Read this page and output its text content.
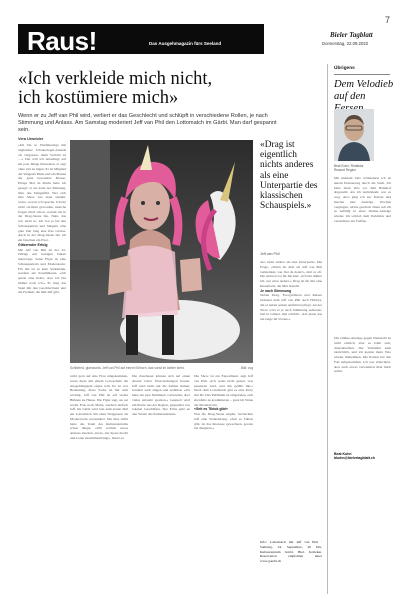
7
Raus!	Das Ausgehmagazin fürs Seeland
Bieler Tagblatt
Donnerstag, 22.09.2022
«Ich verkleide mich nicht,
ich kostümiere mich»

Wenn er zu Jeff van Phil wird, verliert er das Geschlecht und schlüpft in verschiedene Rollen, je nach Stimmung und Anlass. Am Samstag moderiert Jeff van Phil den Lottomatch im Gärbi. Man darf gespannt sein.

Vera Urweider
«Ich bin so Warmherzige mit ungleicher Schokoriegel-Abends oft vergessen, mein Vorbild ist …» Die will ich unbedingt auf ein paar Dinge hinweisen, er sagt ohne viel zu lügen. Er ist Mitglied der Sängerin Rhön und ein Pianist der ganz besondere Klasse. Einige Mal an Klubs habe ich gesagt: er sei dann der Meinung, über das Taktgefühl. Wer sich eine Show wie eben ansieht, weiss, wovon ich spreche. Ich bin nicht verrückt geworden, manche fragen mich schon, warum ich in der Drag-Szene bin. Nein, das war nicht so. Ich war ja bei den Schauspielern und Sängern eine gute Zeit lang eine fixe Grösse. Auch in der Drag-Szene bin ich ein bisschen ein Exot.
Glitzernder Erfolg
Mit Jeff van Phil ist der 32-Jährige seit wenigen Jahren unterwegs. Seine Figur ist eine Schauspielerin und Moderatorin. Für ihn ist es kein Verkleiden, sondern ein Kostümieren. «Ich spiele eine Rolle, aber ich bin immer noch ich.» Er mag das Spiel mit den Geschlechtern und die Freiheit, die ihm Jeff gibt.
Schillernd, glamourös: Jeff van Phil auf einem Einhorn, das sonst im Atelier steht.	Bild: zvg
nicht gern auf eine Frau umgekommen, wenn diese mit einem Lottoschein die Ausgehmagazin sagen will. Es ist von Bedeutung, diese Sache ist mir sehr wichtig. Jeff van Phil ist auf vielen Bühnen zu Hause. Die Figur sagt, sie sei weder Frau noch Mann, sondern einfach Jeff. Im Gärbi wird nun zum ersten Mal ein Lottomatch mit einer Dragqueen als Moderatorin veranstaltet. Die Idee dafür hatte das Team des Kulturzentrums schon länger. «Wir wollten etwas anderes machen, etwas, das Spass macht und Leute zusammenbringt», heisst es.
Die Zuschauer können sich auf einen Abend voller Überraschungen freuen. Jeff wird nicht nur die Zahlen ziehen, sondern auch singen und erzählen. «Ich habe ein paar Nummern vorbereitet, aber vieles entsteht spontan.» Gespielt wird um Preise aus der Region, gespendet von lokalen Geschäften. Der Erlös geht an den Verein des Kulturzentrums.
Die Show ist ein Experiment, sagt Jeff van Phil. «Ich weiss nicht genau, was passieren wird, und das gefällt mir.» Nach dem Lottomatch gibt es eine Party mit DJ. Das Publikum ist eingeladen, sich ebenfalls zu kostümieren – ganz im Sinne der Moderatorin.
«Seit es Tiktok gibt»
Was die Drag-Szene angeht, beobachtet Jeff eine Veränderung. «Seit es Tiktok gibt, ist das Interesse gewachsen, gerade bei Jüngeren.»

«Drag ist eigentlich nichts anderes als eine Unterpartie des klassischen Schauspiels.»

Jeff van Phil
also nicht andere als eine Unterpartie. Die Frage, «Wenn du dich als Jeff van Phil verkleidest, wer bist du dann?», hört er oft. Die Antwort ist für ihn klar: «Ich bin immer ich, nur eben anders.» Drag ist für ihn eine Kunstform, die Mut braucht.
Je nach Stimmung
Neben Drag, Fotografieren und Reisen bedeutet dem Jeff van Phil auch Hobbys, die er neben seinen Auftritten pflegt. An der Show wird er je nach Stimmung auftreten, mal in Glitzer, mal schlicht. «Ich plane das nie lange im Voraus.»
Info: Lottomatch mit Jeff van Phil · Samstag, 24. September, 20 Uhr, Kulturzentrum Gärbi, Biel. Kollekte. Reservation empfohlen unter www.gaerbi.ch
Übrigens
Dem Velodieb auf den
Beat Kuhn, Redaktor
Ressort Region
Mit meinem Velo schlenderte ich an einem Donnerstag durch die Stadt. Ich hatte mein Velo vor dem Bahnhof abgestellt. Als ich zurückkam, war es weg. Also ging ich zur Polizei und machte eine Anzeige. Wochen vergingen, nichts geschah. Dann sah ich es zufällig in einer Online-Anzeige wieder. Ich schrieb dem Verkäufer und vereinbarte ein Treffen.
Die Online-Anzeige gegen Diebstahl ist nicht einfach, aber es lohnt sich, dranzubleiben. Der Verkäufer kam tatsächlich, und ich konnte mein Velo wieder mitnehmen. Die Polizei hat den Fall aufgenommen. Ich war erleichtert, aber auch etwas verwundert über mich selbst.
Beat Kuhn
bkuhn@bielertagblatt.ch
